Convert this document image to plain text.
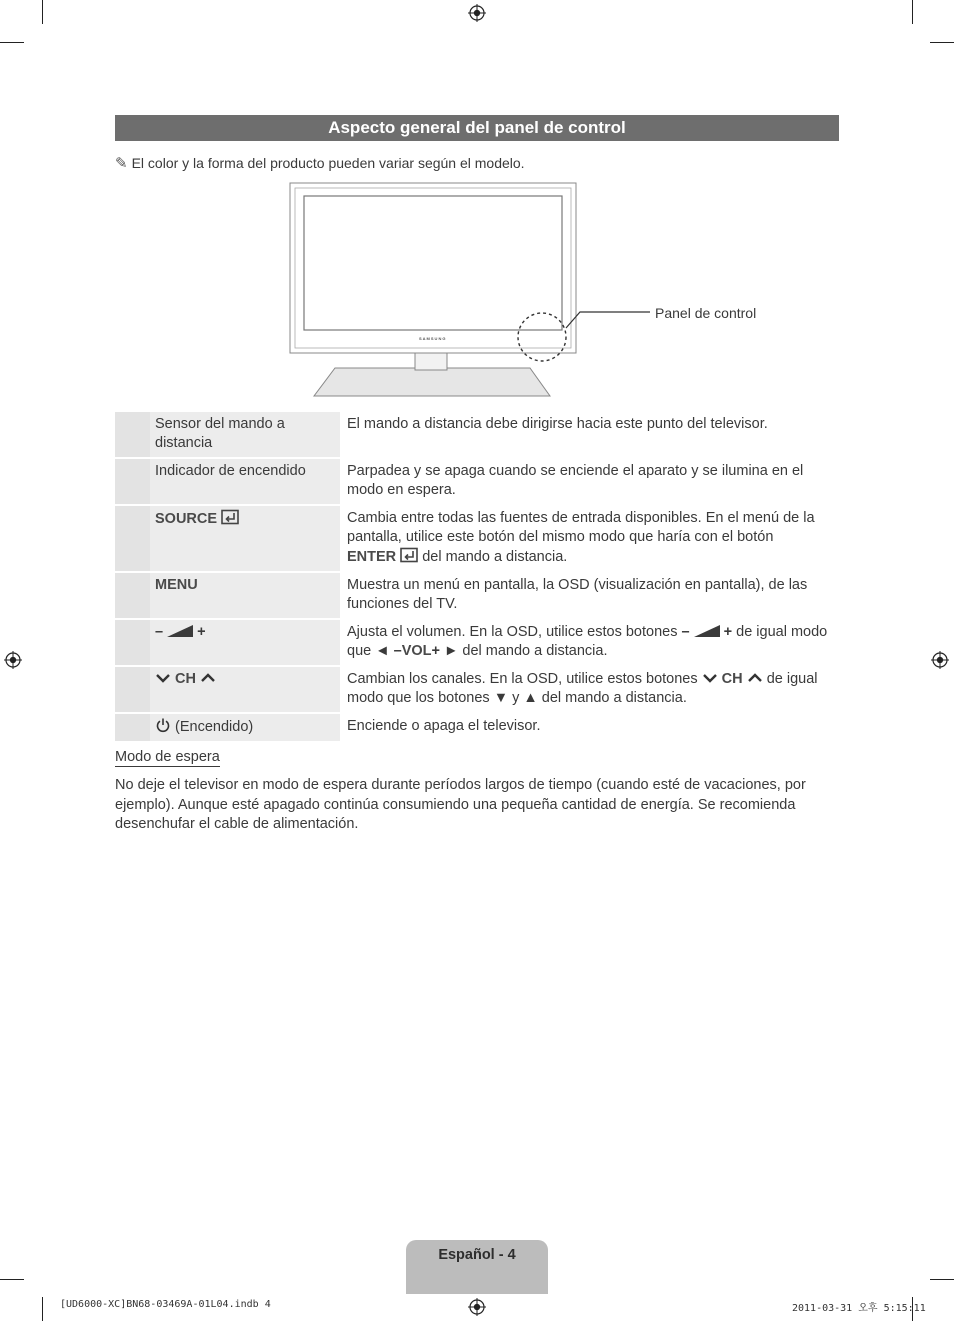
Aspecto general del panel de control
✎ El color y la forma del producto pueden variar según el modelo.
SAMSUNG
Panel de control
	Sensor del mando a distancia	El mando a distancia debe dirigirse hacia este punto del televisor.
	Indicador de encendido	Parpadea y se apaga cuando se enciende el aparato y se ilumina en el modo en espera.
	SOURCE	Cambia entre todas las fuentes de entrada disponibles. En el menú de la pantalla, utilice este botón del mismo modo que haría con el botón
ENTER del mando a distancia.
	MENU	Muestra un menú en pantalla, la OSD (visualización en pantalla), de las funciones del TV.
	– +	Ajusta el volumen. En la OSD, utilice estos botones – + de igual modo que ◄ –VOL+ ► del mando a distancia.
	CH	Cambian los canales. En la OSD, utilice estos botones CH de igual modo que los botones ▼ y ▲ del mando a distancia.
	(Encendido)	Enciende o apaga el televisor.
Modo de espera
No deje el televisor en modo de espera durante períodos largos de tiempo (cuando esté de vacaciones, por ejemplo). Aunque esté apagado continúa consumiendo una pequeña cantidad de energía. Se recomienda desenchufar el cable de alimentación.
Español - 4
[UD6000-XC]BN68-03469A-01L04.indb 4	2011-03-31 오후 5:15:11
